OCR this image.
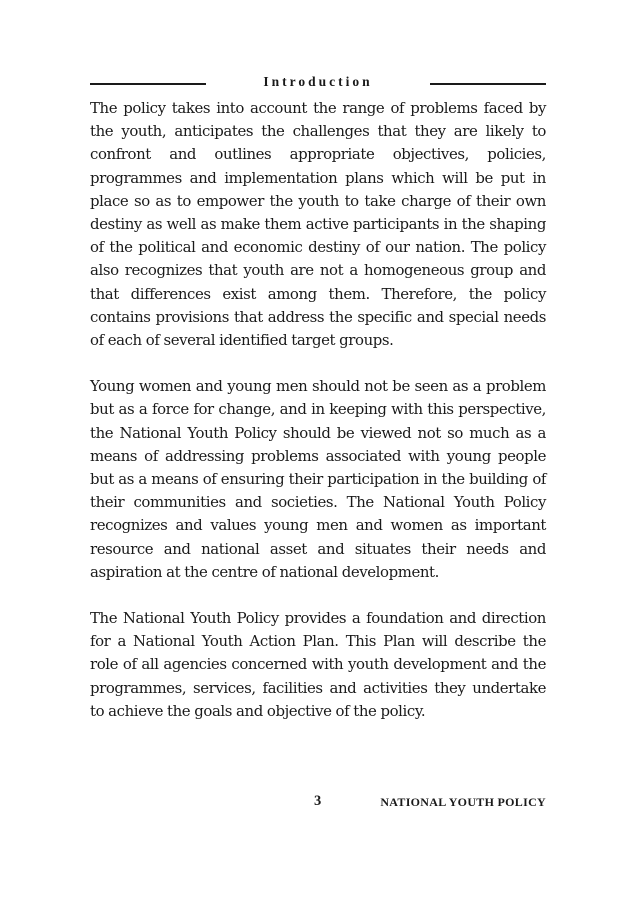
Introduction

The policy takes into account the range of problems faced by the youth, anticipates the challenges that they are likely to confront and outlines appropriate objectives, policies, programmes and implementation plans which will be put in place so as to empower the youth to take charge of their own destiny as well as make them active participants in the shaping of the political and economic destiny of our nation. The policy also recognizes that youth are not a homogeneous group and that differences exist among them. Therefore, the policy contains provisions that address the specific and special needs of each of several identified target groups.

Young women and young men should not be seen as a problem but as a force for change, and in keeping with this perspective, the National Youth Policy should be viewed not so much as a means of addressing problems associated with young people but as a means of ensuring their participation in the building of their communities and societies. The National Youth Policy recognizes and values young men and women as important resource and national asset and situates their needs and aspiration at the centre of national development.

The National Youth Policy provides a foundation and direction for a National Youth Action Plan. This Plan will describe the role of all agencies concerned with youth development and the programmes, services, facilities and activities they undertake to achieve the goals and objective of the policy.

3	NATIONAL YOUTH POLICY
